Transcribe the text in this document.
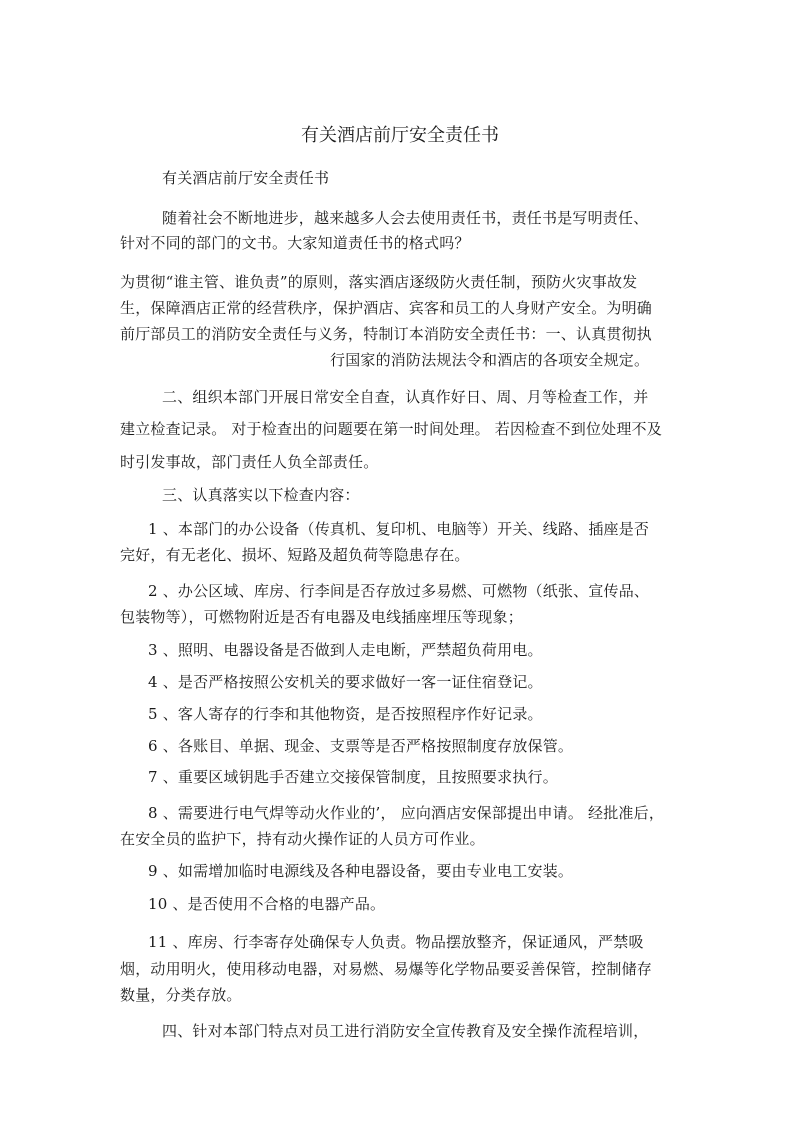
有关酒店前厅安全责任书
有关酒店前厅安全责任书
随着社会不断地进步，越来越多人会去使用责任书，责任书是写明责任、
针对不同的部门的文书。大家知道责任书的格式吗？
为贯彻“谁主管、谁负责”的原则，落实酒店逐级防火责任制，预防火灾事故发
生，保障酒店正常的经营秩序，保护酒店、宾客和员工的人身财产安全。为明确
前厅部员工的消防安全责任与义务，特制订本消防安全责任书：一、认真贯彻执
行国家的消防法规法令和酒店的各项安全规定。
二、组织本部门开展日常安全自查，认真作好日、周、月等检查工作，并
建立检查记录。 对于检查出的问题要在第一时间处理。 若因检查不到位处理不及
时引发事故，部门责任人负全部责任。
三、认真落实以下检查内容：
1 、本部门的办公设备（传真机、复印机、电脑等）开关、线路、插座是否
完好，有无老化、损坏、短路及超负荷等隐患存在。
2 、办公区域、库房、行李间是否存放过多易燃、可燃物（纸张、宣传品、
包装物等），可燃物附近是否有电器及电线插座埋压等现象；
3 、照明、电器设备是否做到人走电断，严禁超负荷用电。
4 、是否严格按照公安机关的要求做好一客一证住宿登记。
5 、客人寄存的行李和其他物资，是否按照程序作好记录。
6 、各账目、单据、现金、支票等是否严格按照制度存放保管。
7 、重要区域钥匙手否建立交接保管制度，且按照要求执行。
8 、需要进行电气焊等动火作业的’， 应向酒店安保部提出申请。 经批准后，
在安全员的监护下，持有动火操作证的人员方可作业。
9 、如需增加临时电源线及各种电器设备，要由专业电工安装。
10 、是否使用不合格的电器产品。
11 、库房、行李寄存处确保专人负责。物品摆放整齐，保证通风，严禁吸
烟，动用明火，使用移动电器，对易燃、易爆等化学物品要妥善保管，控制储存
数量，分类存放。
四、针对本部门特点对员工进行消防安全宣传教育及安全操作流程培训，
